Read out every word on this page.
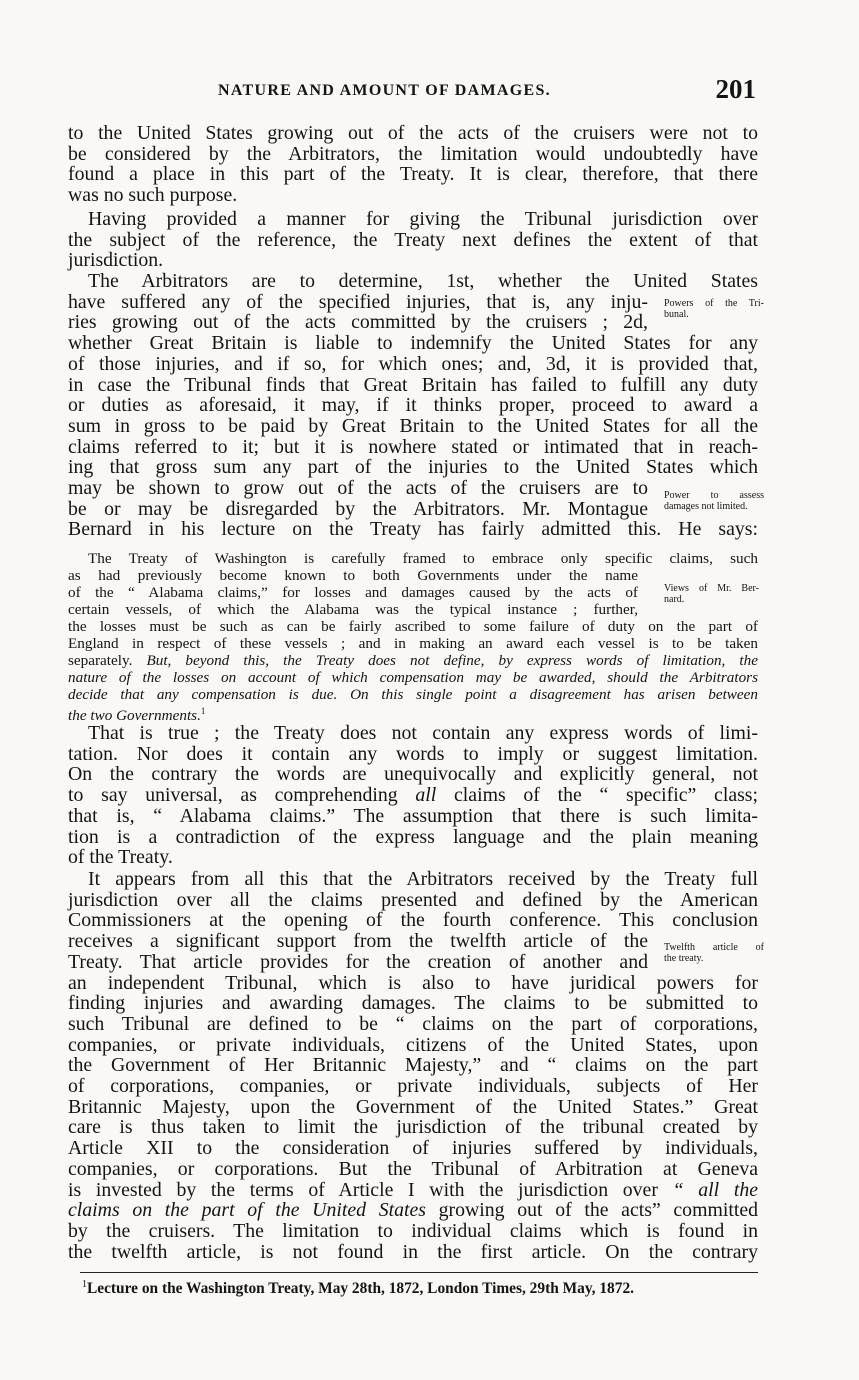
NATURE AND AMOUNT OF DAMAGES.	201

to the United States growing out of the acts of the cruisers were not to

be considered by the Arbitrators, the limitation would undoubtedly have

found a place in this part of the Treaty. It is clear, therefore, that there

was no such purpose.

Having provided a manner for giving the Tribunal jurisdiction over

the subject of the reference, the Treaty next defines the extent of that

jurisdiction.

The Arbitrators are to determine, 1st, whether the United States

have suffered any of the specified injuries, that is, any inju-

ries growing out of the acts committed by the cruisers ; 2d,

whether Great Britain is liable to indemnify the United States for any

of those injuries, and if so, for which ones; and, 3d, it is provided that,

in case the Tribunal finds that Great Britain has failed to fulfill any duty

or duties as aforesaid, it may, if it thinks proper, proceed to award a

sum in gross to be paid by Great Britain to the United States for all the

claims referred to it; but it is nowhere stated or intimated that in reach-

ing that gross sum any part of the injuries to the United States which

may be shown to grow out of the acts of the cruisers are to

be or may be disregarded by the Arbitrators. Mr. Montague

Bernard in his lecture on the Treaty has fairly admitted this. He says:

Powers of the Tri-
bunal.
Power to assess
damages not limited.

The Treaty of Washington is carefully framed to embrace only specific claims, such

as had previously become known to both Governments under the name

of the “ Alabama claims,” for losses and damages caused by the acts of

certain vessels, of which the Alabama was the typical instance ; further,

the losses must be such as can be fairly ascribed to some failure of duty on the part of

England in respect of these vessels ; and in making an award each vessel is to be taken

separately. But, beyond this, the Treaty does not define, by express words of limitation, the

nature of the losses on account of which compensation may be awarded, should the Arbitrators

decide that any compensation is due. On this single point a disagreement has arisen between

the two Governments.$^1$

Views of Mr. Ber-
nard.

That is true ; the Treaty does not contain any express words of limi-

tation. Nor does it contain any words to imply or suggest limitation.

On the contrary the words are unequivocally and explicitly general, not

to say universal, as comprehending all claims of the “ specific” class;

that is, “ Alabama claims.” The assumption that there is such limita-

tion is a contradiction of the express language and the plain meaning

of the Treaty.

It appears from all this that the Arbitrators received by the Treaty full

jurisdiction over all the claims presented and defined by the American

Commissioners at the opening of the fourth conference. This conclusion

receives a significant support from the twelfth article of the

Treaty. That article provides for the creation of another and

an independent Tribunal, which is also to have juridical powers for

finding injuries and awarding damages. The claims to be submitted to

such Tribunal are defined to be “ claims on the part of corporations,

companies, or private individuals, citizens of the United States, upon

the Government of Her Britannic Majesty,” and “ claims on the part

of corporations, companies, or private individuals, subjects of Her

Britannic Majesty, upon the Government of the United States.” Great

care is thus taken to limit the jurisdiction of the tribunal created by

Article XII to the consideration of injuries suffered by individuals,

companies, or corporations. But the Tribunal of Arbitration at Geneva

is invested by the terms of Article I with the jurisdiction over “ all the

claims on the part of the United States growing out of the acts” committed

by the cruisers. The limitation to individual claims which is found in

the twelfth article, is not found in the first article. On the contrary

Twelfth article of
the treaty.
$^1$Lecture on the Washington Treaty, May 28th, 1872, London Times, 29th May, 1872.
